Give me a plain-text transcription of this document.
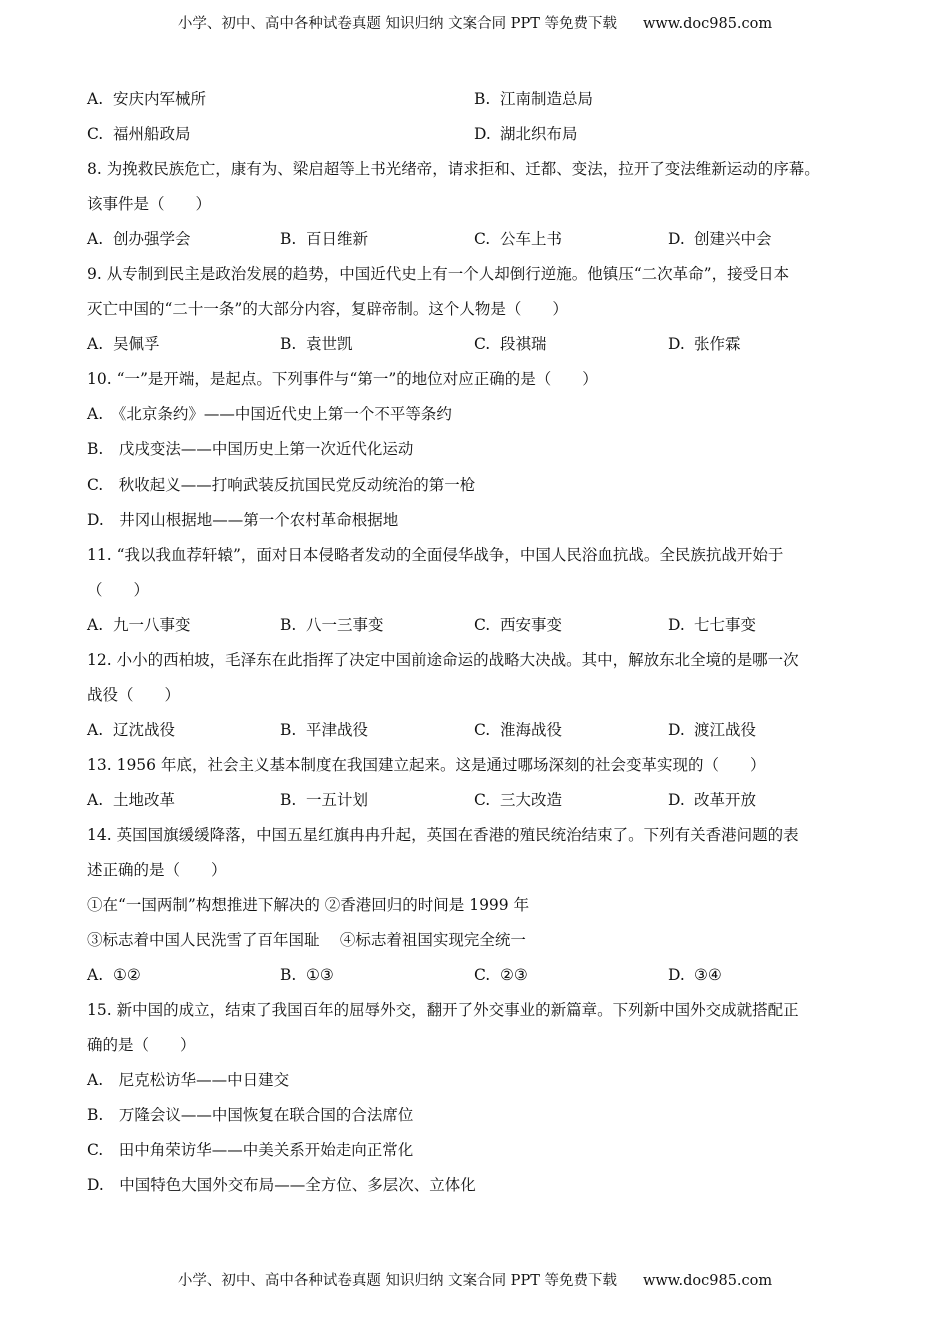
小学、初中、高中各种试卷真题 知识归纳 文案合同 PPT 等免费下载 www.doc985.com
A. 安庆内军械所	B. 江南制造总局
C. 福州船政局	D. 湖北织布局
8. 为挽救民族危亡，康有为、梁启超等上书光绪帝，请求拒和、迁都、变法，拉开了变法维新运动的序幕。
该事件是（　　）
A. 创办强学会	B. 百日维新	C. 公车上书	D. 创建兴中会
9. 从专制到民主是政治发展的趋势，中国近代史上有一个人却倒行逆施。他镇压“二次革命”，接受日本
灭亡中国的“二十一条”的大部分内容，复辟帝制。这个人物是（　　）
A. 吴佩孚	B. 袁世凯	C. 段祺瑞	D. 张作霖
10. “一”是开端，是起点。下列事件与“第一”的地位对应正确的是（　　）
A.　《北京条约》——中国近代史上第一个不平等条约
B.　戊戌变法——中国历史上第一次近代化运动
C.　秋收起义——打响武装反抗国民党反动统治的第一枪
D.　井冈山根据地——第一个农村革命根据地
11. “我以我血荐轩辕”，面对日本侵略者发动的全面侵华战争，中国人民浴血抗战。全民族抗战开始于
（　　）
A. 九一八事变	B. 八一三事变	C. 西安事变	D. 七七事变
12. 小小的西柏坡，毛泽东在此指挥了决定中国前途命运的战略大决战。其中，解放东北全境的是哪一次
战役（　　）
A. 辽沈战役	B. 平津战役	C. 淮海战役	D. 渡江战役
13. 1956 年底，社会主义基本制度在我国建立起来。这是通过哪场深刻的社会变革实现的（　　）
A. 土地改革	B. 一五计划	C. 三大改造	D. 改革开放
14. 英国国旗缓缓降落，中国五星红旗冉冉升起，英国在香港的殖民统治结束了。下列有关香港问题的表
述正确的是（　　）
①在“一国两制”构想推进下解决的 ②香港回归的时间是 1999 年
③标志着中国人民洗雪了百年国耻　 ④标志着祖国实现完全统一
A. ①②	B. ①③	C. ②③	D. ③④
15. 新中国的成立，结束了我国百年的屈辱外交，翻开了外交事业的新篇章。下列新中国外交成就搭配正
确的是（　　）
A.　尼克松访华——中日建交
B.　万隆会议——中国恢复在联合国的合法席位
C.　田中角荣访华——中美关系开始走向正常化
D.　中国特色大国外交布局——全方位、多层次、立体化
小学、初中、高中各种试卷真题 知识归纳 文案合同 PPT 等免费下载 www.doc985.com
